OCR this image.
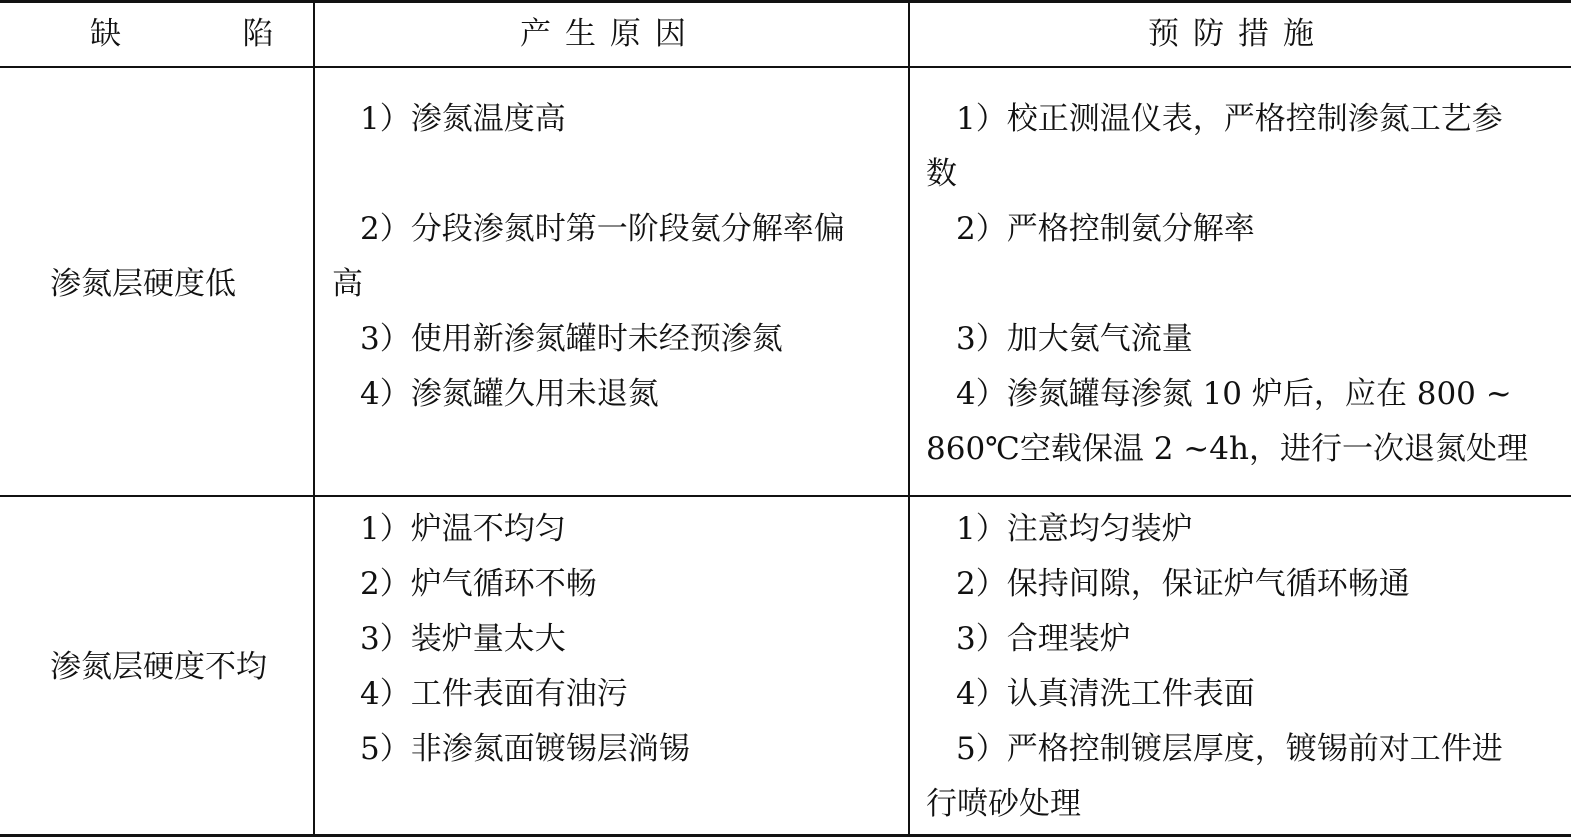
缺 陷	产生原因	预防措施
渗氮层硬度低
1）渗氮温度高
2）分段渗氮时第一阶段氨分解率偏
高
3）使用新渗氮罐时未经预渗氮
4）渗氮罐久用未退氮
1）校正测温仪表，严格控制渗氮工艺参
数
2）严格控制氨分解率
3）加大氨气流量
4）渗氮罐每渗氮 10 炉后，应在 800 ~
860℃空载保温 2 ~4h，进行一次退氮处理
渗氮层硬度不均
1）炉温不均匀
2）炉气循环不畅
3）装炉量太大
4）工件表面有油污
5）非渗氮面镀锡层淌锡
1）注意均匀装炉
2）保持间隙，保证炉气循环畅通
3）合理装炉
4）认真清洗工件表面
5）严格控制镀层厚度，镀锡前对工件进
行喷砂处理
